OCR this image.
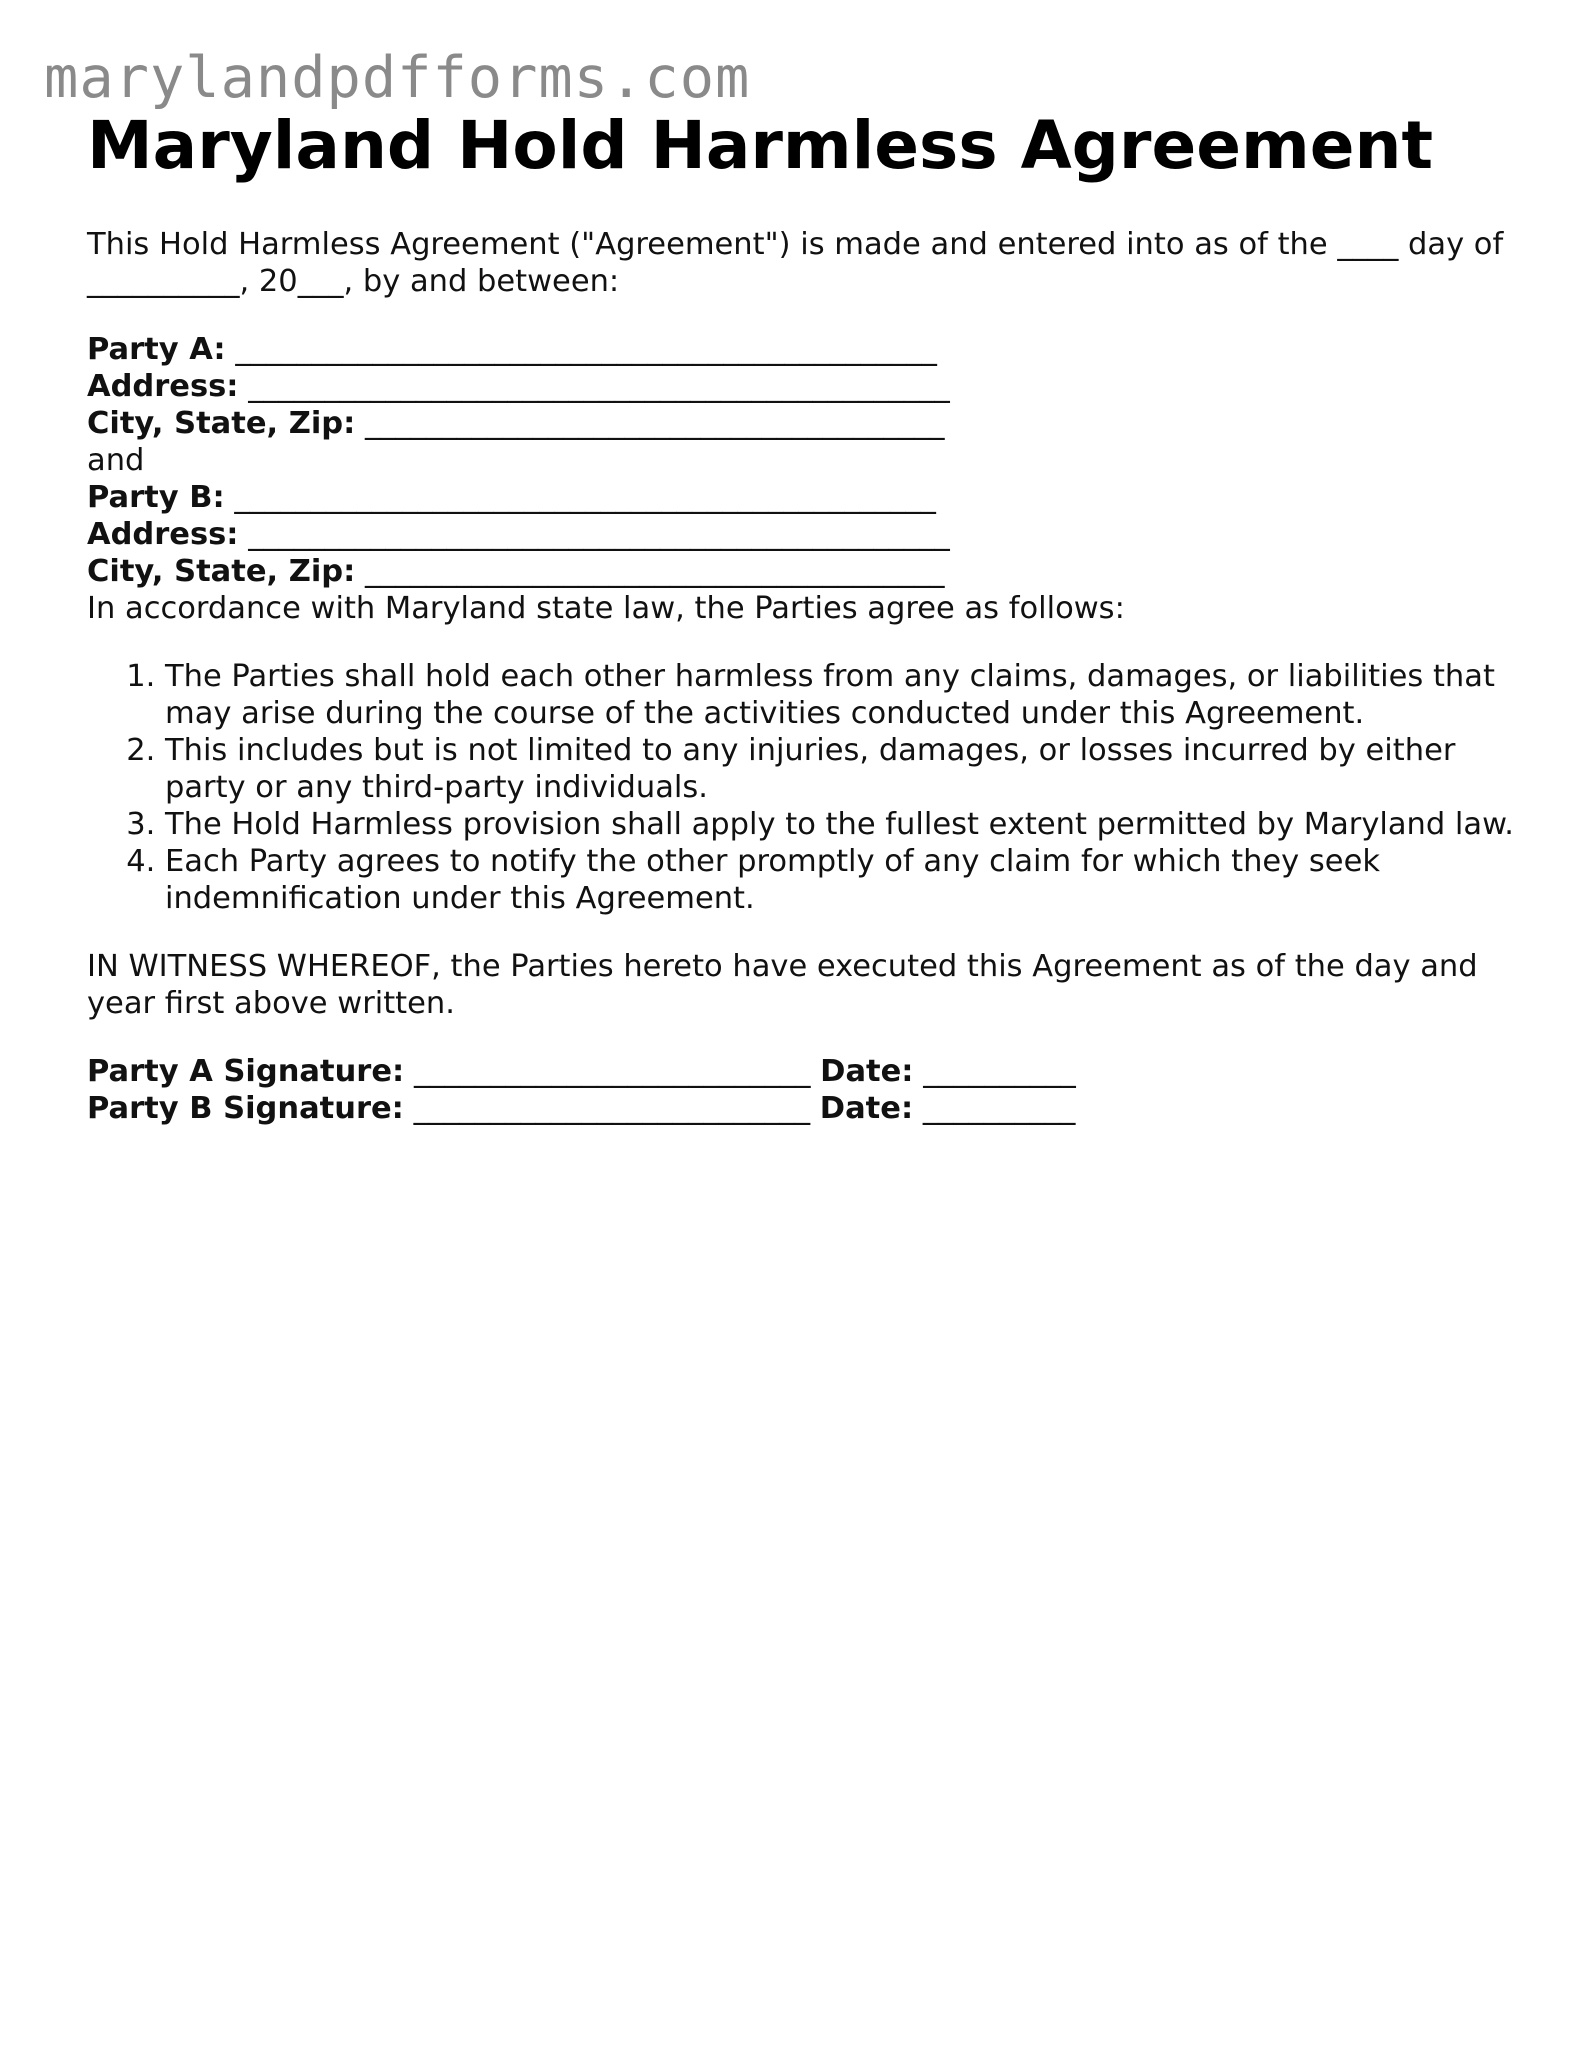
marylandpdfforms.com
Maryland Hold Harmless Agreement

This Hold Harmless Agreement ("Agreement") is made and entered into as of the ____ day of __________, 20___, by and between:

Party A: ______________________________________________

Address: ______________________________________________

City, State, Zip: ______________________________________

and

Party B: ______________________________________________

Address: ______________________________________________

City, State, Zip: ______________________________________

In accordance with Maryland state law, the Parties agree as follows:

1. The Parties shall hold each other harmless from any claims, damages, or liabilities that may arise during the course of the activities conducted under this Agreement.
2. This includes but is not limited to any injuries, damages, or losses incurred by either party or any third-party individuals.
3. The Hold Harmless provision shall apply to the fullest extent permitted by Maryland law.
4. Each Party agrees to notify the other promptly of any claim for which they seek indemnification under this Agreement.

IN WITNESS WHEREOF, the Parties hereto have executed this Agreement as of the day and year first above written.

Party A Signature: __________________________ Date: __________

Party B Signature: __________________________ Date: __________
